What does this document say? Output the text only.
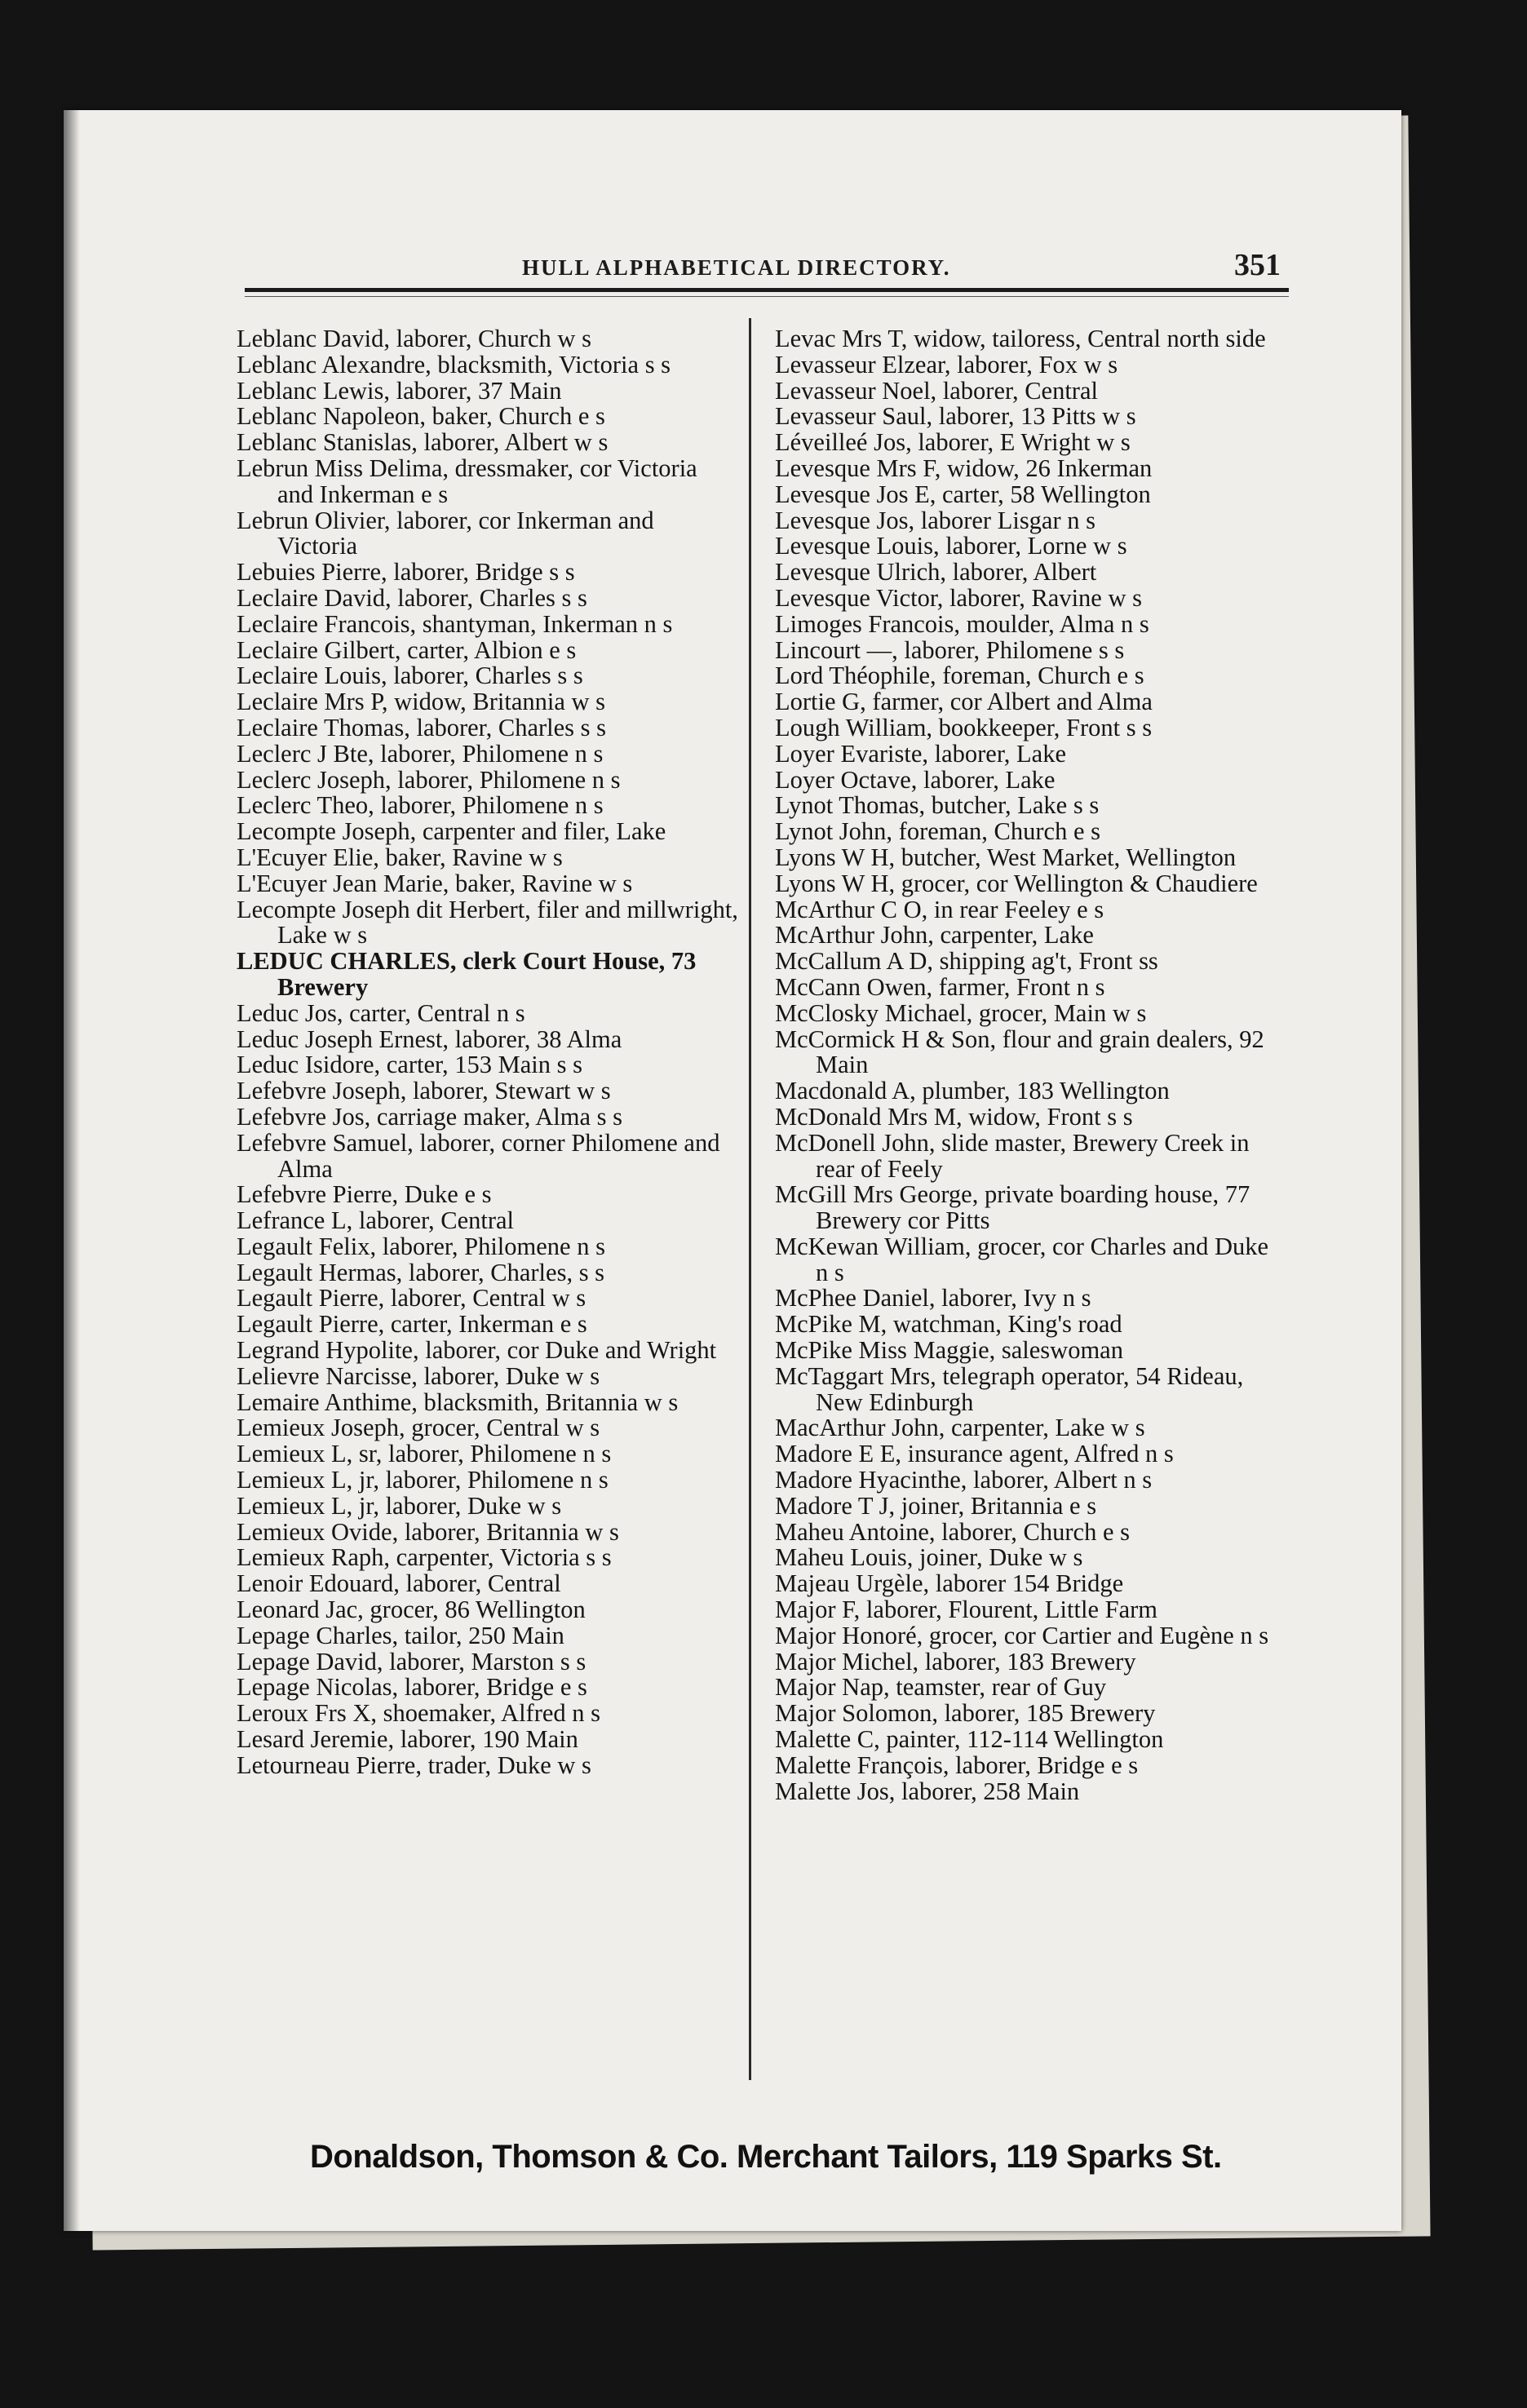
HULL ALPHABETICAL DIRECTORY.	351

Leblanc David, laborer, Church w s

Leblanc Alexandre, blacksmith, Victoria s s

Leblanc Lewis, laborer, 37 Main

Leblanc Napoleon, baker, Church e s

Leblanc Stanislas, laborer, Albert w s

Lebrun Miss Delima, dressmaker, cor Victoria and Inkerman e s

Lebrun Olivier, laborer, cor Inkerman and Victoria

Lebuies Pierre, laborer, Bridge s s

Leclaire David, laborer, Charles s s

Leclaire Francois, shantyman, Inkerman n s

Leclaire Gilbert, carter, Albion e s

Leclaire Louis, laborer, Charles s s

Leclaire Mrs P, widow, Britannia w s

Leclaire Thomas, laborer, Charles s s

Leclerc J Bte, laborer, Philomene n s

Leclerc Joseph, laborer, Philomene n s

Leclerc Theo, laborer, Philomene n s

Lecompte Joseph, carpenter and filer, Lake

L'Ecuyer Elie, baker, Ravine w s

L'Ecuyer Jean Marie, baker, Ravine w s

Lecompte Joseph dit Herbert, filer and millwright, Lake w s

LEDUC CHARLES, clerk Court House, 73 Brewery

Leduc Jos, carter, Central n s

Leduc Joseph Ernest, laborer, 38 Alma

Leduc Isidore, carter, 153 Main s s

Lefebvre Joseph, laborer, Stewart w s

Lefebvre Jos, carriage maker, Alma s s

Lefebvre Samuel, laborer, corner Philomene and Alma

Lefebvre Pierre, Duke e s

Lefrance L, laborer, Central

Legault Felix, laborer, Philomene n s

Legault Hermas, laborer, Charles, s s

Legault Pierre, laborer, Central w s

Legault Pierre, carter, Inkerman e s

Legrand Hypolite, laborer, cor Duke and Wright

Lelievre Narcisse, laborer, Duke w s

Lemaire Anthime, blacksmith, Britannia w s

Lemieux Joseph, grocer, Central w s

Lemieux L, sr, laborer, Philomene n s

Lemieux L, jr, laborer, Philomene n s

Lemieux L, jr, laborer, Duke w s

Lemieux Ovide, laborer, Britannia w s

Lemieux Raph, carpenter, Victoria s s

Lenoir Edouard, laborer, Central

Leonard Jac, grocer, 86 Wellington

Lepage Charles, tailor, 250 Main

Lepage David, laborer, Marston s s

Lepage Nicolas, laborer, Bridge e s

Leroux Frs X, shoemaker, Alfred n s

Lesard Jeremie, laborer, 190 Main

Letourneau Pierre, trader, Duke w s

Levac Mrs T, widow, tailoress, Central north side

Levasseur Elzear, laborer, Fox w s

Levasseur Noel, laborer, Central

Levasseur Saul, laborer, 13 Pitts w s

Léveilleé Jos, laborer, E Wright w s

Levesque Mrs F, widow, 26 Inkerman

Levesque Jos E, carter, 58 Wellington

Levesque Jos, laborer Lisgar n s

Levesque Louis, laborer, Lorne w s

Levesque Ulrich, laborer, Albert

Levesque Victor, laborer, Ravine w s

Limoges Francois, moulder, Alma n s

Lincourt —, laborer, Philomene s s

Lord Théophile, foreman, Church e s

Lortie G, farmer, cor Albert and Alma

Lough William, bookkeeper, Front s s

Loyer Evariste, laborer, Lake

Loyer Octave, laborer, Lake

Lynot Thomas, butcher, Lake s s

Lynot John, foreman, Church e s

Lyons W H, butcher, West Market, Wellington

Lyons W H, grocer, cor Wellington & Chaudiere

McArthur C O, in rear Feeley e s

McArthur John, carpenter, Lake

McCallum A D, shipping ag't, Front ss

McCann Owen, farmer, Front n s

McClosky Michael, grocer, Main w s

McCormick H & Son, flour and grain dealers, 92 Main

Macdonald A, plumber, 183 Wellington

McDonald Mrs M, widow, Front s s

McDonell John, slide master, Brewery Creek in rear of Feely

McGill Mrs George, private boarding house, 77 Brewery cor Pitts

McKewan William, grocer, cor Charles and Duke n s

McPhee Daniel, laborer, Ivy n s

McPike M, watchman, King's road

McPike Miss Maggie, saleswoman

McTaggart Mrs, telegraph operator, 54 Rideau, New Edinburgh

MacArthur John, carpenter, Lake w s

Madore E E, insurance agent, Alfred n s

Madore Hyacinthe, laborer, Albert n s

Madore T J, joiner, Britannia e s

Maheu Antoine, laborer, Church e s

Maheu Louis, joiner, Duke w s

Majeau Urgèle, laborer 154 Bridge

Major F, laborer, Flourent, Little Farm

Major Honoré, grocer, cor Cartier and Eugène n s

Major Michel, laborer, 183 Brewery

Major Nap, teamster, rear of Guy

Major Solomon, laborer, 185 Brewery

Malette C, painter, 112-114 Wellington

Malette François, laborer, Bridge e s

Malette Jos, laborer, 258 Main

Donaldson, Thomson & Co. Merchant Tailors, 119 Sparks St.
